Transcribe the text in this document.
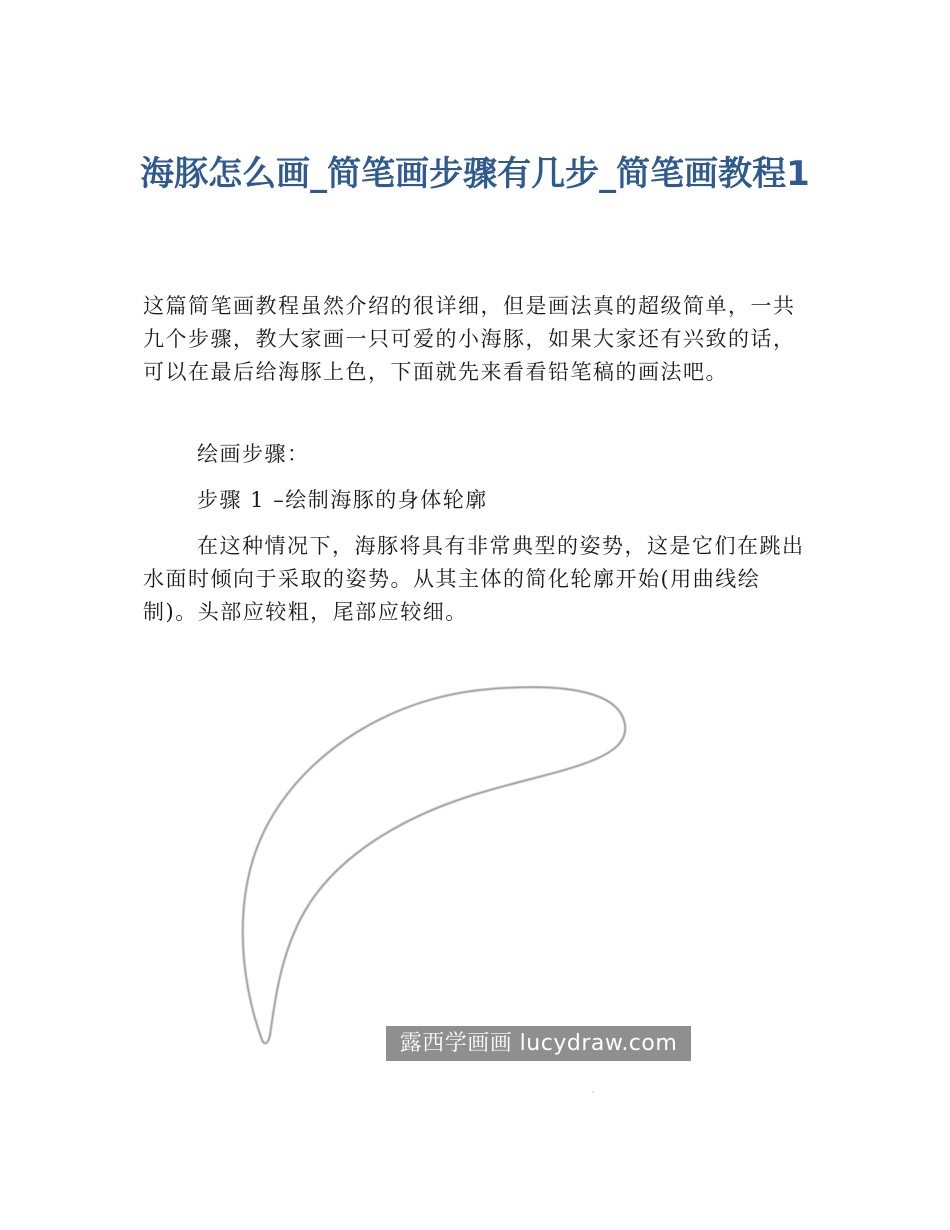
海豚怎么画_简笔画步骤有几步_简笔画教程1

这篇简笔画教程虽然介绍的很详细，但是画法真的超级简单，一共九个步骤，教大家画一只可爱的小海豚，如果大家还有兴致的话，可以在最后给海豚上色，下面就先来看看铅笔稿的画法吧。

绘画步骤：

步骤 1 –绘制海豚的身体轮廓

在这种情况下，海豚将具有非常典型的姿势，这是它们在跳出水面时倾向于采取的姿势。从其主体的简化轮廓开始(用曲线绘制)。头部应较粗，尾部应较细。

露西学画画 lucydraw.com
